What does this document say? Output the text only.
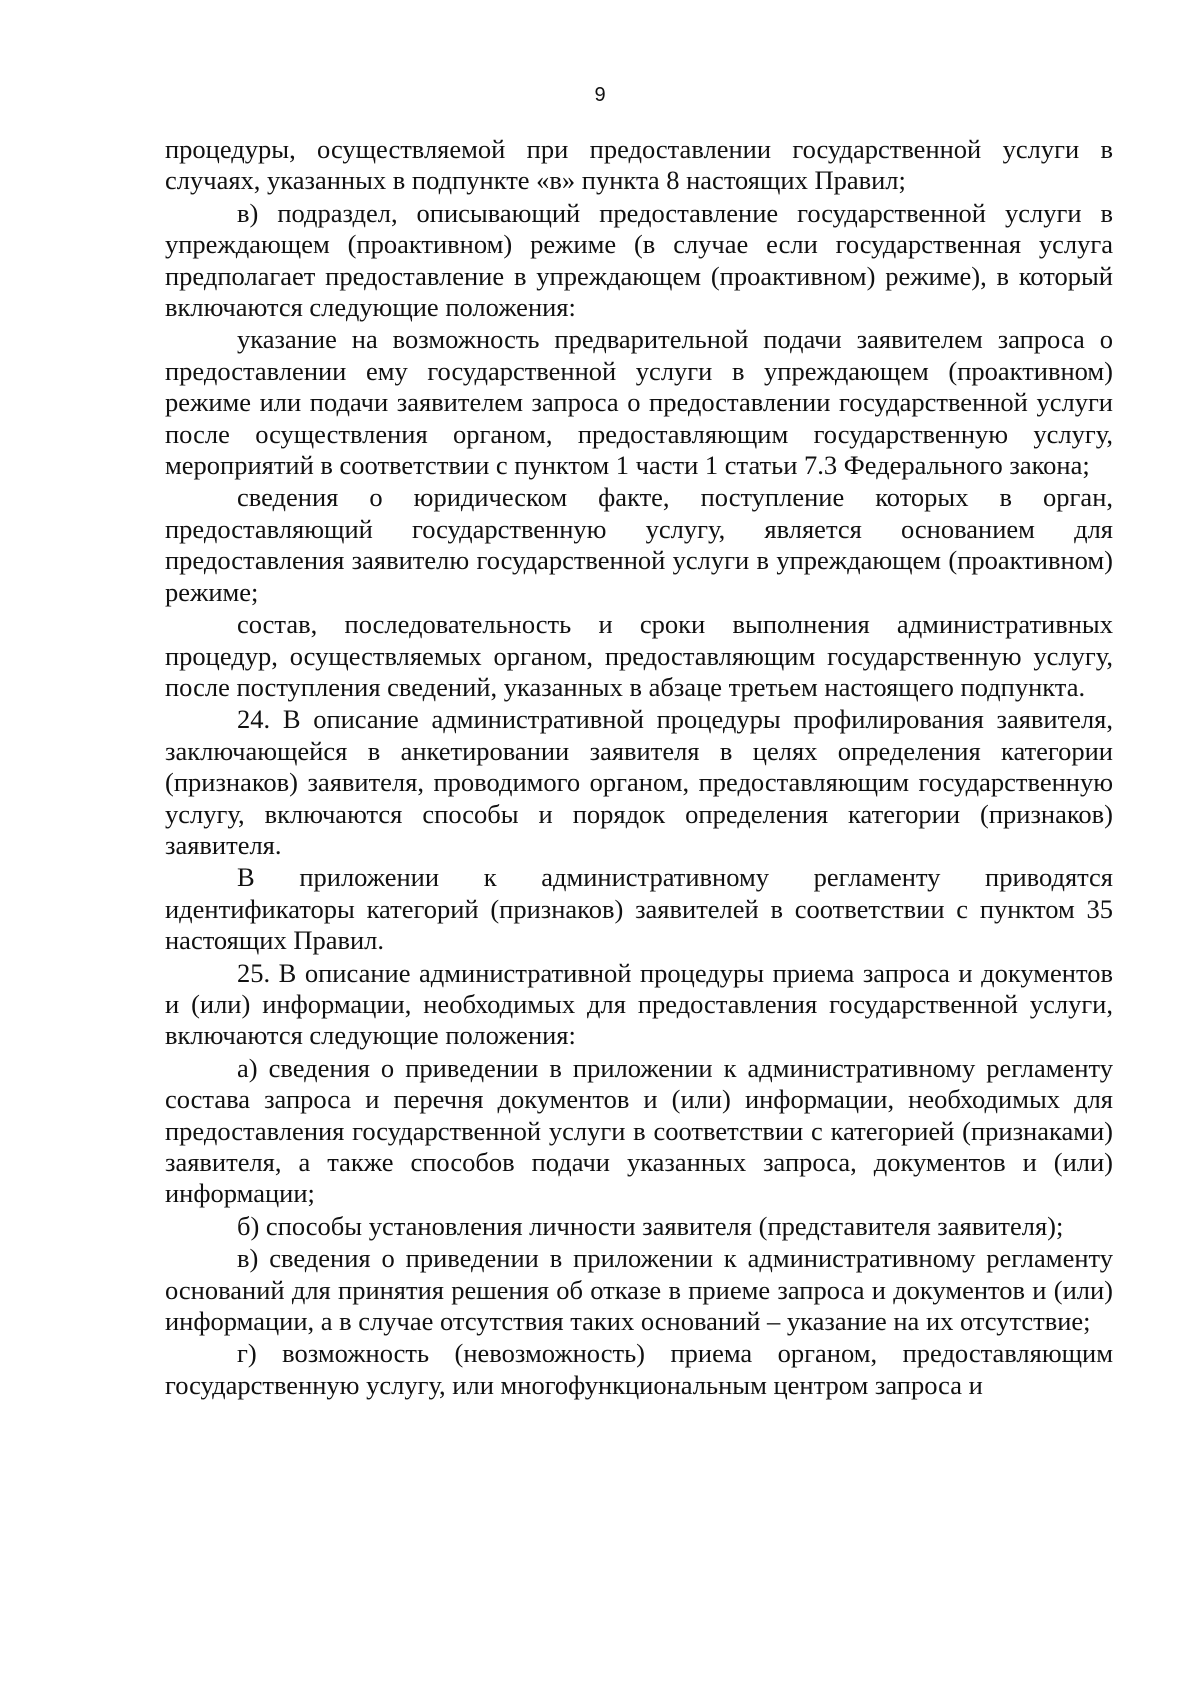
9

процедуры, осуществляемой при предоставлении государственной услуги в случаях, указанных в подпункте «в» пункта 8 настоящих Правил;

в) подраздел, описывающий предоставление государственной услуги в упреждающем (проактивном) режиме (в случае если государственная услуга предполагает предоставление в упреждающем (проактивном) режиме), в который включаются следующие положения:

указание на возможность предварительной подачи заявителем запроса о предоставлении ему государственной услуги в упреждающем (проактивном) режиме или подачи заявителем запроса о предоставлении государственной услуги после осуществления органом, предоставляющим государственную услугу, мероприятий в соответствии с пунктом 1 части 1 статьи 7.3 Федерального закона;

сведения о юридическом факте, поступление которых в орган, предоставляющий государственную услугу, является основанием для предоставления заявителю государственной услуги в упреждающем (проактивном) режиме;

состав, последовательность и сроки выполнения административных процедур, осуществляемых органом, предоставляющим государственную услугу, после поступления сведений, указанных в абзаце третьем настоящего подпункта.

24. В описание административной процедуры профилирования заявителя, заключающейся в анкетировании заявителя в целях определения категории (признаков) заявителя, проводимого органом, предоставляющим государственную услугу, включаются способы и порядок определения категории (признаков) заявителя.

В приложении к административному регламенту приводятся идентификаторы категорий (признаков) заявителей в соответствии с пунктом 35 настоящих Правил.

25. В описание административной процедуры приема запроса и документов и (или) информации, необходимых для предоставления государственной услуги, включаются следующие положения:

а) сведения о приведении в приложении к административному регламенту состава запроса и перечня документов и (или) информации, необходимых для предоставления государственной услуги в соответствии с категорией (признаками) заявителя, а также способов подачи указанных запроса, документов и (или) информации;

б) способы установления личности заявителя (представителя заявителя);

в) сведения о приведении в приложении к административному регламенту оснований для принятия решения об отказе в приеме запроса и документов и (или) информации, а в случае отсутствия таких оснований – указание на их отсутствие;

г) возможность (невозможность) приема органом, предоставляющим государственную услугу, или многофункциональным центром запроса и
